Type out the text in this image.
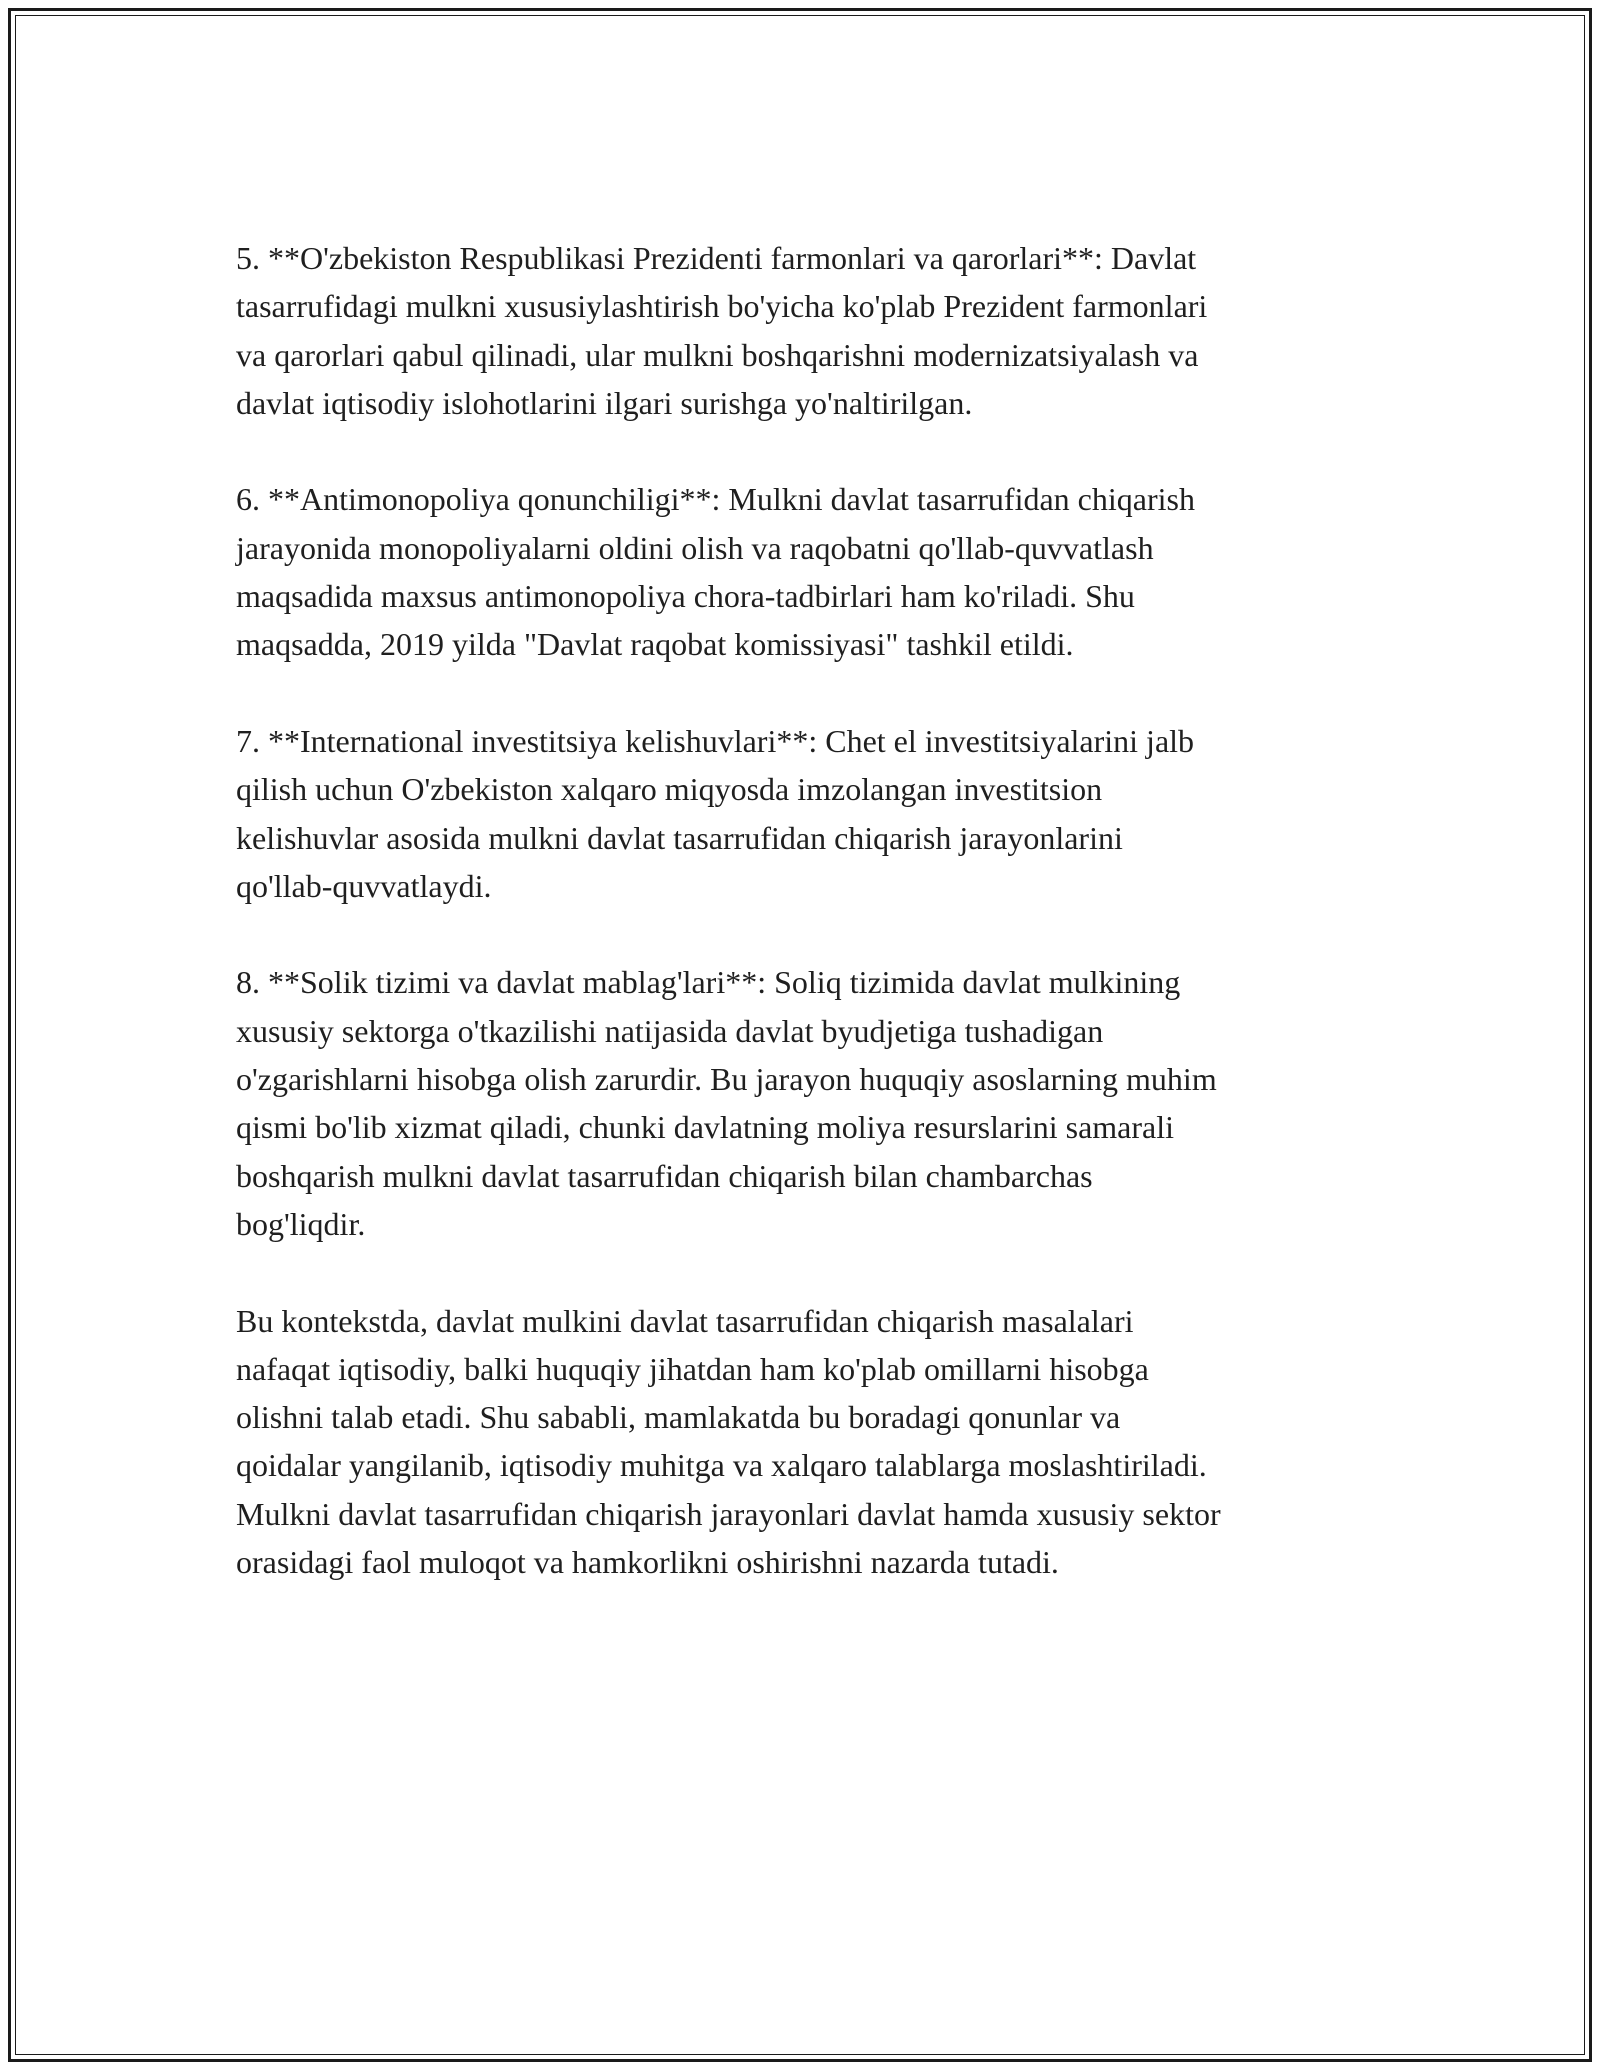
5. **O'zbekiston Respublikasi Prezidenti farmonlari va qarorlari**: Davlat
tasarrufidagi mulkni xususiylashtirish bo'yicha ko'plab Prezident farmonlari
va qarorlari qabul qilinadi, ular mulkni boshqarishni modernizatsiyalash va
davlat iqtisodiy islohotlarini ilgari surishga yo'naltirilgan.

6. **Antimonopoliya qonunchiligi**: Mulkni davlat tasarrufidan chiqarish
jarayonida monopoliyalarni oldini olish va raqobatni qo'llab-quvvatlash
maqsadida maxsus antimonopoliya chora-tadbirlari ham ko'riladi. Shu
maqsadda, 2019 yilda "Davlat raqobat komissiyasi" tashkil etildi.

7. **International investitsiya kelishuvlari**: Chet el investitsiyalarini jalb
qilish uchun O'zbekiston xalqaro miqyosda imzolangan investitsion
kelishuvlar asosida mulkni davlat tasarrufidan chiqarish jarayonlarini
qo'llab-quvvatlaydi.

8. **Solik tizimi va davlat mablag'lari**: Soliq tizimida davlat mulkining
xususiy sektorga o'tkazilishi natijasida davlat byudjetiga tushadigan
o'zgarishlarni hisobga olish zarurdir. Bu jarayon huquqiy asoslarning muhim
qismi bo'lib xizmat qiladi, chunki davlatning moliya resurslarini samarali
boshqarish mulkni davlat tasarrufidan chiqarish bilan chambarchas
bog'liqdir.

Bu kontekstda, davlat mulkini davlat tasarrufidan chiqarish masalalari
nafaqat iqtisodiy, balki huquqiy jihatdan ham ko'plab omillarni hisobga
olishni talab etadi. Shu sababli, mamlakatda bu boradagi qonunlar va
qoidalar yangilanib, iqtisodiy muhitga va xalqaro talablarga moslashtiriladi.
Mulkni davlat tasarrufidan chiqarish jarayonlari davlat hamda xususiy sektor
orasidagi faol muloqot va hamkorlikni oshirishni nazarda tutadi.
